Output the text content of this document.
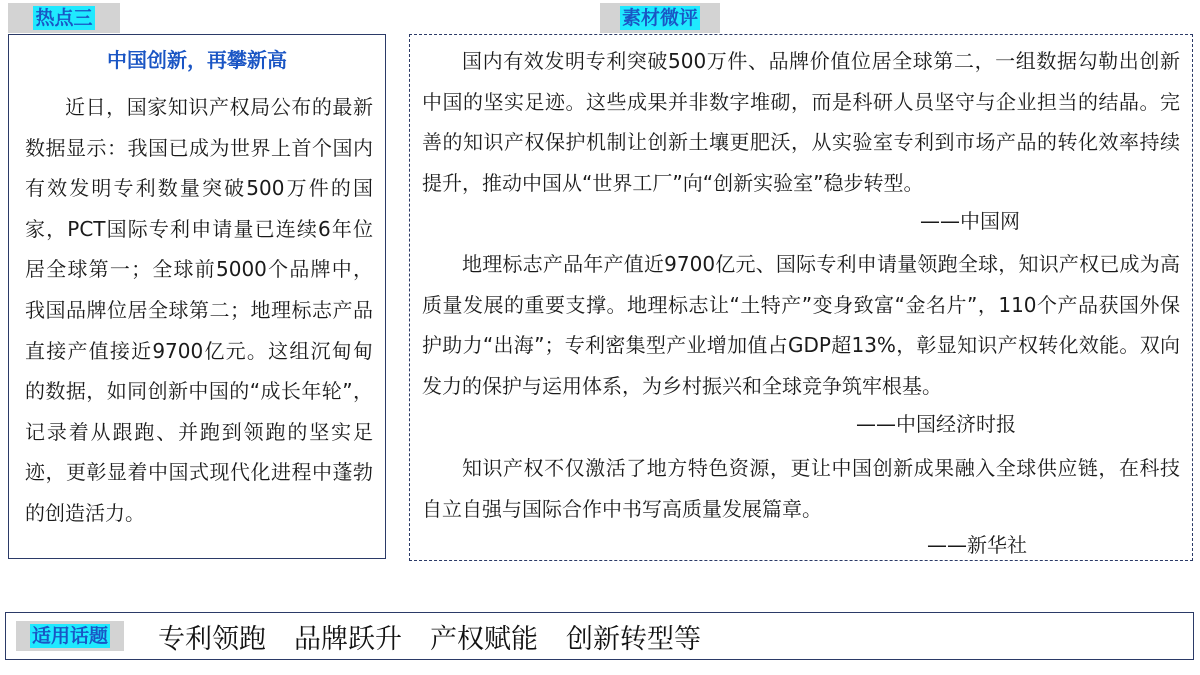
热点三	素材微评
中国创新，再攀新高
近日，国家知识产权局公布的最新数据显示：我国已成为世界上首个国内有效发明专利数量突破500万件的国家，PCT国际专利申请量已连续6年位居全球第一；全球前5000个品牌中，我国品牌位居全球第二；地理标志产品直接产值接近9700亿元。这组沉甸甸的数据，如同创新中国的“成长年轮”，记录着从跟跑、并跑到领跑的坚实足迹，更彰显着中国式现代化进程中蓬勃的创造活力。
国内有效发明专利突破500万件、品牌价值位居全球第二，一组数据勾勒出创新中国的坚实足迹。这些成果并非数字堆砌，而是科研人员坚守与企业担当的结晶。完善的知识产权保护机制让创新土壤更肥沃，从实验室专利到市场产品的转化效率持续提升，推动中国从“世界工厂”向“创新实验室”稳步转型。
——中国网
地理标志产品年产值近9700亿元、国际专利申请量领跑全球，知识产权已成为高质量发展的重要支撑。地理标志让“土特产”变身致富“金名片”，110个产品获国外保护助力“出海”；专利密集型产业增加值占GDP超13%，彰显知识产权转化效能。双向发力的保护与运用体系，为乡村振兴和全球竞争筑牢根基。
——中国经济时报
知识产权不仅激活了地方特色资源，更让中国创新成果融入全球供应链，在科技自立自强与国际合作中书写高质量发展篇章。
——新华社
适用话题 专利领跑 品牌跃升 产权赋能 创新转型等
